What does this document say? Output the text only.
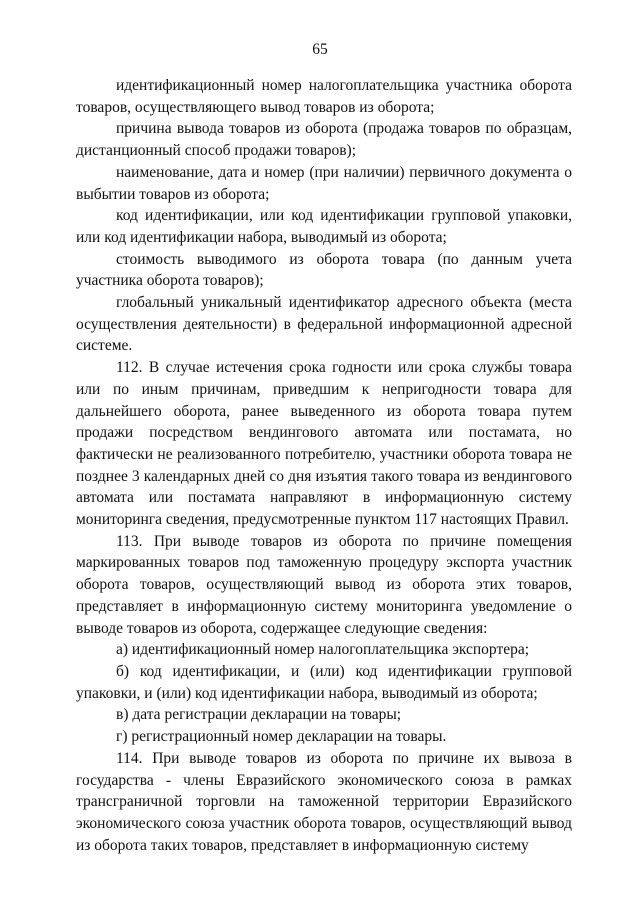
65

идентификационный номер налогоплательщика участника оборота товаров, осуществляющего вывод товаров из оборота;

причина вывода товаров из оборота (продажа товаров по образцам, дистанционный способ продажи товаров);

наименование, дата и номер (при наличии) первичного документа о выбытии товаров из оборота;

код идентификации, или код идентификации групповой упаковки, или код идентификации набора, выводимый из оборота;

стоимость выводимого из оборота товара (по данным учета участника оборота товаров);

глобальный уникальный идентификатор адресного объекта (места осуществления деятельности) в федеральной информационной адресной системе.

112. В случае истечения срока годности или срока службы товара или по иным причинам, приведшим к непригодности товара для дальнейшего оборота, ранее выведенного из оборота товара путем продажи посредством вендингового автомата или постамата, но фактически не реализованного потребителю, участники оборота товара не позднее 3 календарных дней со дня изъятия такого товара из вендингового автомата или постамата направляют в информационную систему мониторинга сведения, предусмотренные пунктом 117 настоящих Правил.

113. При выводе товаров из оборота по причине помещения маркированных товаров под таможенную процедуру экспорта участник оборота товаров, осуществляющий вывод из оборота этих товаров, представляет в информационную систему мониторинга уведомление о выводе товаров из оборота, содержащее следующие сведения:

а) идентификационный номер налогоплательщика экспортера;

б) код идентификации, и (или) код идентификации групповой упаковки, и (или) код идентификации набора, выводимый из оборота;

в) дата регистрации декларации на товары;

г) регистрационный номер декларации на товары.

114. При выводе товаров из оборота по причине их вывоза в государства - члены Евразийского экономического союза в рамках трансграничной торговли на таможенной территории Евразийского экономического союза участник оборота товаров, осуществляющий вывод из оборота таких товаров, представляет в информационную систему
